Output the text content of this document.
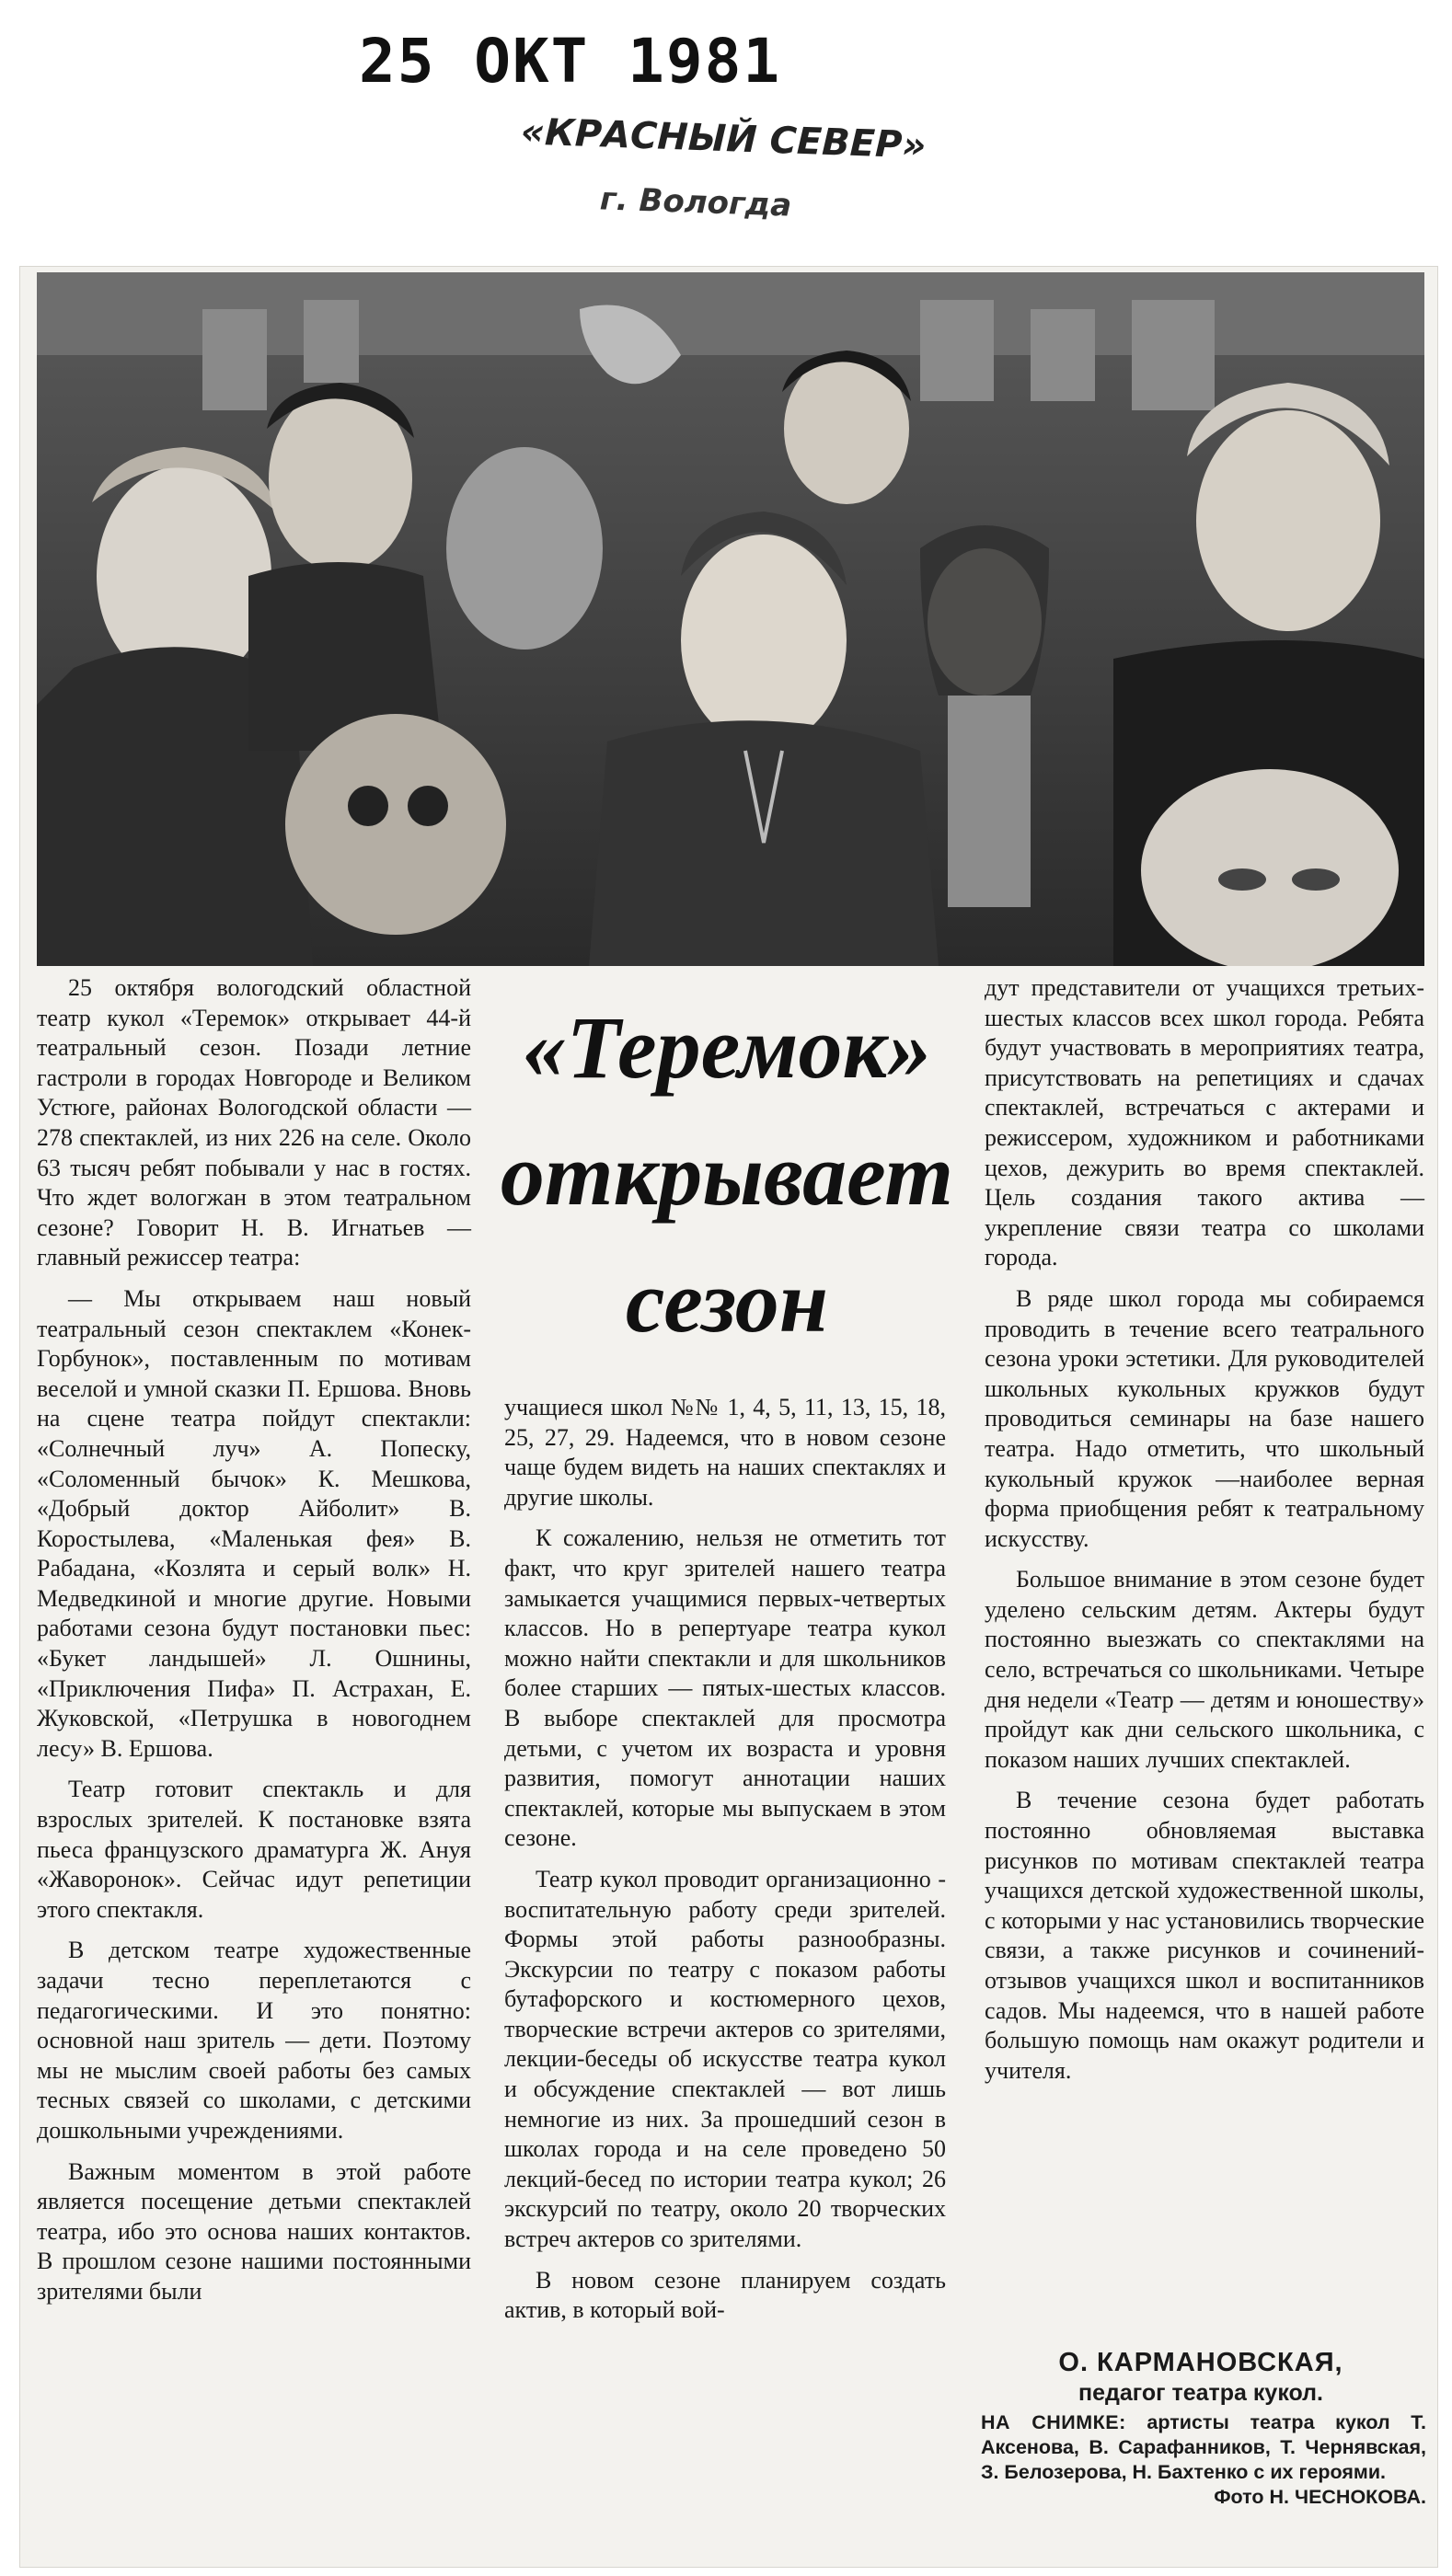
25 ОКТ 1981
«КРАСНЫЙ СЕВЕР»
г. Вологда

25 октября вологодский областной театр кукол «Теремок» открывает 44-й театральный сезон. Позади летние гастроли в городах Новгороде и Великом Устюге, районах Вологодской области — 278 спектаклей, из них 226 на селе. Около 63 тысяч ребят побывали у нас в гостях. Что ждет вологжан в этом театральном сезоне? Говорит Н. В. Игнатьев — главный режиссер театра:

— Мы открываем наш новый театральный сезон спектаклем «Конек-Горбунок», поставленным по мотивам веселой и умной сказки П. Ершова. Вновь на сцене театра пойдут спектакли: «Солнечный луч» А. Попеску, «Соломенный бычок» К. Мешкова, «Добрый доктор Айболит» В. Коростылева, «Маленькая фея» В. Рабадана, «Козлята и серый волк» Н. Медведкиной и многие другие. Новыми работами сезона будут постановки пьес: «Букет ландышей» Л. Ошнины, «Приключения Пифа» П. Астрахан, Е. Жуковской, «Петрушка в новогоднем лесу» В. Ершова.

Театр готовит спектакль и для взрослых зрителей. К постановке взята пьеса французского драматурга Ж. Ануя «Жаворонок». Сейчас идут репетиции этого спектакля.

В детском театре художественные задачи тесно переплетаются с педагогическими. И это понятно: основной наш зритель — дети. Поэтому мы не мыслим своей работы без самых тесных связей со школами, с детскими дошкольными учреждениями.

Важным моментом в этой работе является посещение детьми спектаклей театра, ибо это основа наших контактов. В прошлом сезоне нашими постоянными зрителями были

«Теремок»
открывает
сезон

учащиеся школ №№ 1, 4, 5, 11, 13, 15, 18, 25, 27, 29. Надеемся, что в новом сезоне чаще будем видеть на наших спектаклях и другие школы.

К сожалению, нельзя не отметить тот факт, что круг зрителей нашего театра замыкается учащимися первых-четвертых классов. Но в репертуаре театра кукол можно найти спектакли и для школьников более старших — пятых-шестых классов. В выборе спектаклей для просмотра детьми, с учетом их возраста и уровня развития, помогут аннотации наших спектаклей, которые мы выпускаем в этом сезоне.

Театр кукол проводит организационно - воспитательную работу среди зрителей. Формы этой работы разнообразны. Экскурсии по театру с показом работы бутафорского и костюмерного цехов, творческие встречи актеров со зрителями, лекции-беседы об искусстве театра кукол и обсуждение спектаклей — вот лишь немногие из них. За прошедший сезон в школах города и на селе проведено 50 лекций-бесед по истории театра кукол; 26 экскурсий по театру, около 20 творческих встреч актеров со зрителями.

В новом сезоне планируем создать актив, в который вой-

дут представители от учащихся третьих-шестых классов всех школ города. Ребята будут участвовать в мероприятиях театра, присутствовать на репетициях и сдачах спектаклей, встречаться с актерами и режиссером, художником и работниками цехов, дежурить во время спектаклей. Цель создания такого актива — укрепление связи театра со школами города.

В ряде школ города мы собираемся проводить в течение всего театрального сезона уроки эстетики. Для руководителей школьных кукольных кружков будут проводиться семинары на базе нашего театра. Надо отметить, что школьный кукольный кружок —наиболее верная форма приобщения ребят к театральному искусству.

Большое внимание в этом сезоне будет уделено сельским детям. Актеры будут постоянно выезжать со спектаклями на село, встречаться со школьниками. Четыре дня недели «Театр — детям и юношеству» пройдут как дни сельского школьника, с показом наших лучших спектаклей.

В течение сезона будет работать постоянно обновляемая выставка рисунков по мотивам спектаклей театра учащихся детской художественной школы, с которыми у нас установились творческие связи, а также рисунков и сочинений-отзывов учащихся школ и воспитанников садов. Мы надеемся, что в нашей работе большую помощь нам окажут родители и учителя.

О. КАРМАНОВСКАЯ,
педагог театра кукол.
НА СНИМКЕ: артисты театра кукол Т. Аксенова, В. Сарафанников, Т. Чернявская, З. Белозерова, Н. Бахтенко с их героями.
Фото Н. ЧЕСНОКОВА.
